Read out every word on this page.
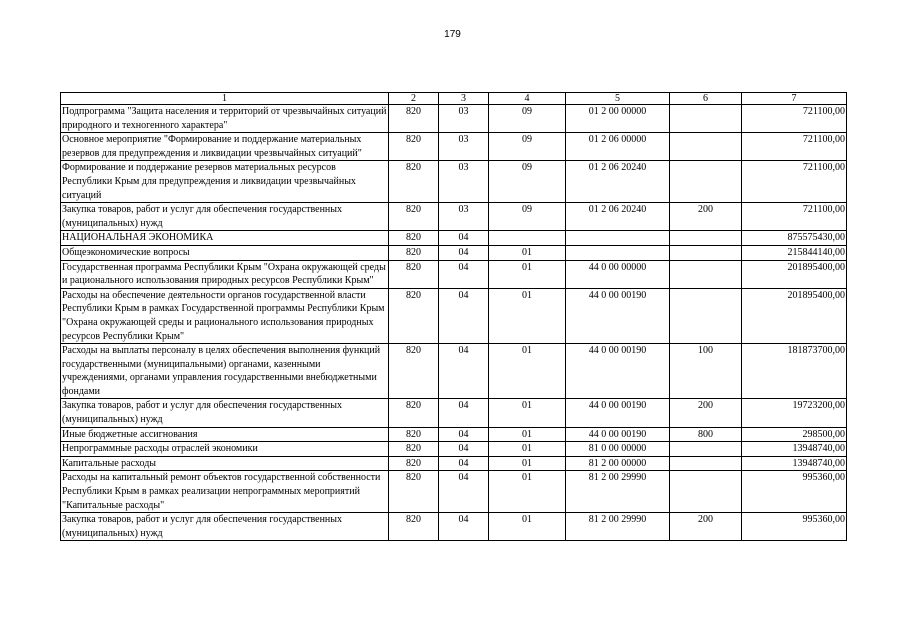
179
1	2	3	4	5	6	7
Подпрограмма "Защита населения и территорий от чрезвычайных ситуаций природного и техногенного характера"	820	03	09	01 2 00 00000		721100,00
Основное мероприятие "Формирование и поддержание материальных резервов для предупреждения и ликвидации чрезвычайных ситуаций"	820	03	09	01 2 06 00000		721100,00
Формирование и поддержание резервов материальных ресурсов Республики Крым для предупреждения и ликвидации чрезвычайных ситуаций	820	03	09	01 2 06 20240		721100,00
Закупка товаров, работ и услуг для обеспечения государственных (муниципальных) нужд	820	03	09	01 2 06 20240	200	721100,00
НАЦИОНАЛЬНАЯ ЭКОНОМИКА	820	04				875575430,00
Общеэкономические вопросы	820	04	01			215844140,00
Государственная программа Республики Крым "Охрана окружающей среды и рационального использования природных ресурсов Республики Крым"	820	04	01	44 0 00 00000		201895400,00
Расходы на обеспечение деятельности органов государственной власти Республики Крым в рамках Государственной программы Республики Крым "Охрана окружающей среды и рационального использования природных ресурсов Республики Крым"	820	04	01	44 0 00 00190		201895400,00
Расходы на выплаты персоналу в целях обеспечения выполнения функций государственными (муниципальными) органами, казенными учреждениями, органами управления государственными внебюджетными фондами	820	04	01	44 0 00 00190	100	181873700,00
Закупка товаров, работ и услуг для обеспечения государственных (муниципальных) нужд	820	04	01	44 0 00 00190	200	19723200,00
Иные бюджетные ассигнования	820	04	01	44 0 00 00190	800	298500,00
Непрограммные расходы отраслей экономики	820	04	01	81 0 00 00000		13948740,00
Капитальные расходы	820	04	01	81 2 00 00000		13948740,00
Расходы на капитальный ремонт объектов государственной собственности Республики Крым в рамках реализации непрограммных мероприятий "Капитальные расходы"	820	04	01	81 2 00 29990		995360,00
Закупка товаров, работ и услуг для обеспечения государственных (муниципальных) нужд	820	04	01	81 2 00 29990	200	995360,00
